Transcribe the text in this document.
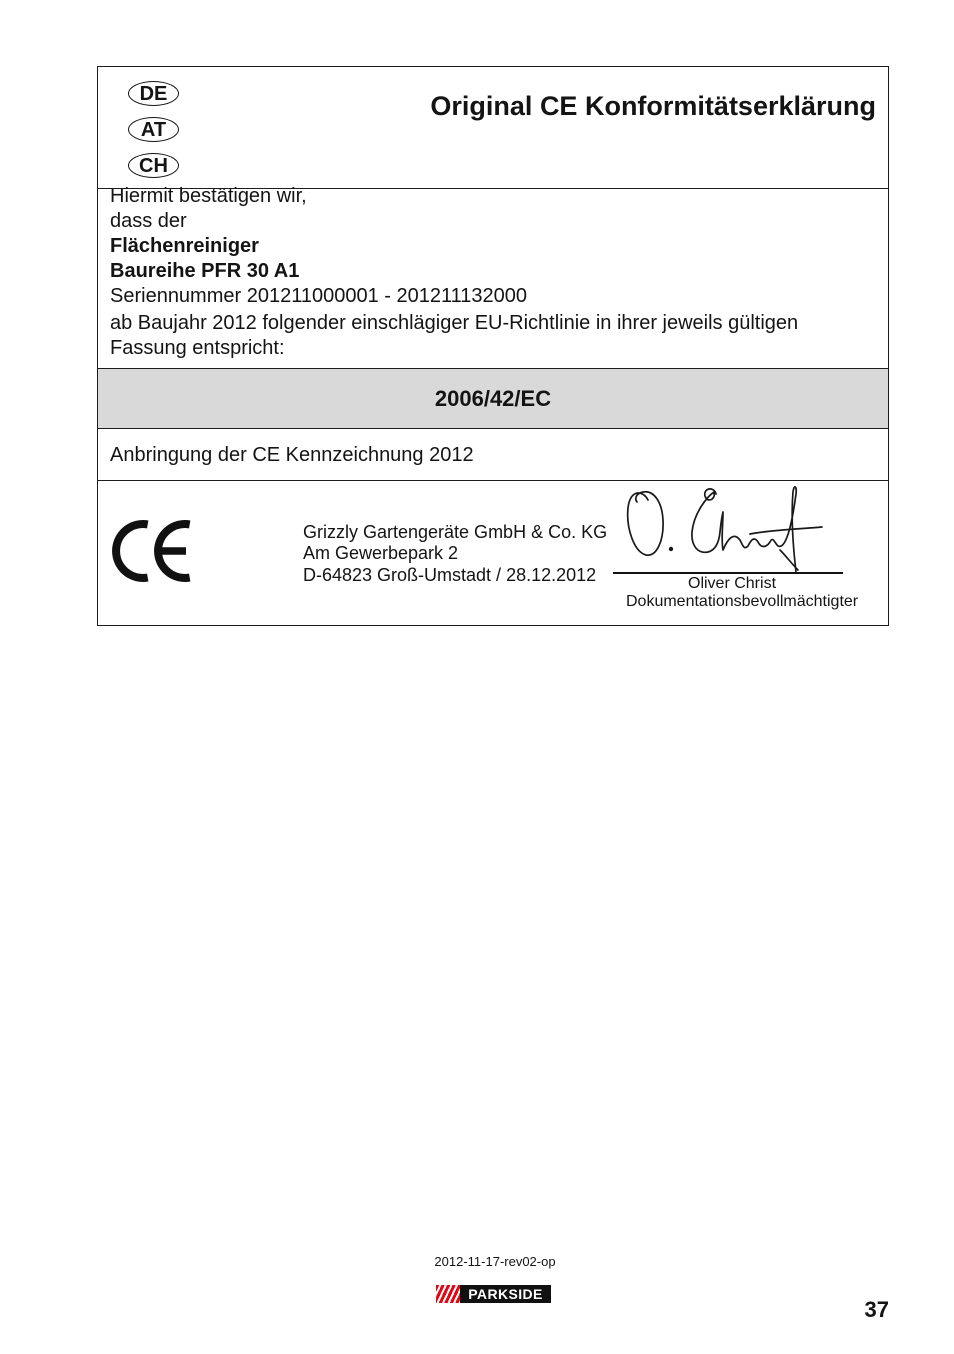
DE
AT
CH
Original CE Konformitätserklärung
Hiermit bestätigen wir,
dass der
Flächenreiniger
Baureihe PFR 30 A1
Seriennummer 201211000001 - 201211132000
ab Baujahr 2012 folgender einschlägiger EU-Richtlinie in ihrer jeweils gültigen
Fassung entspricht:
2006/42/EC
Anbringung der CE Kennzeichnung 2012
Grizzly Gartengeräte GmbH & Co. KG
Am Gewerbepark 2
D-64823 Groß-Umstadt / 28.12.2012	Oliver Christ
Dokumentationsbevollmächtigter
2012-11-17-rev02-op
PARKSIDE
37
